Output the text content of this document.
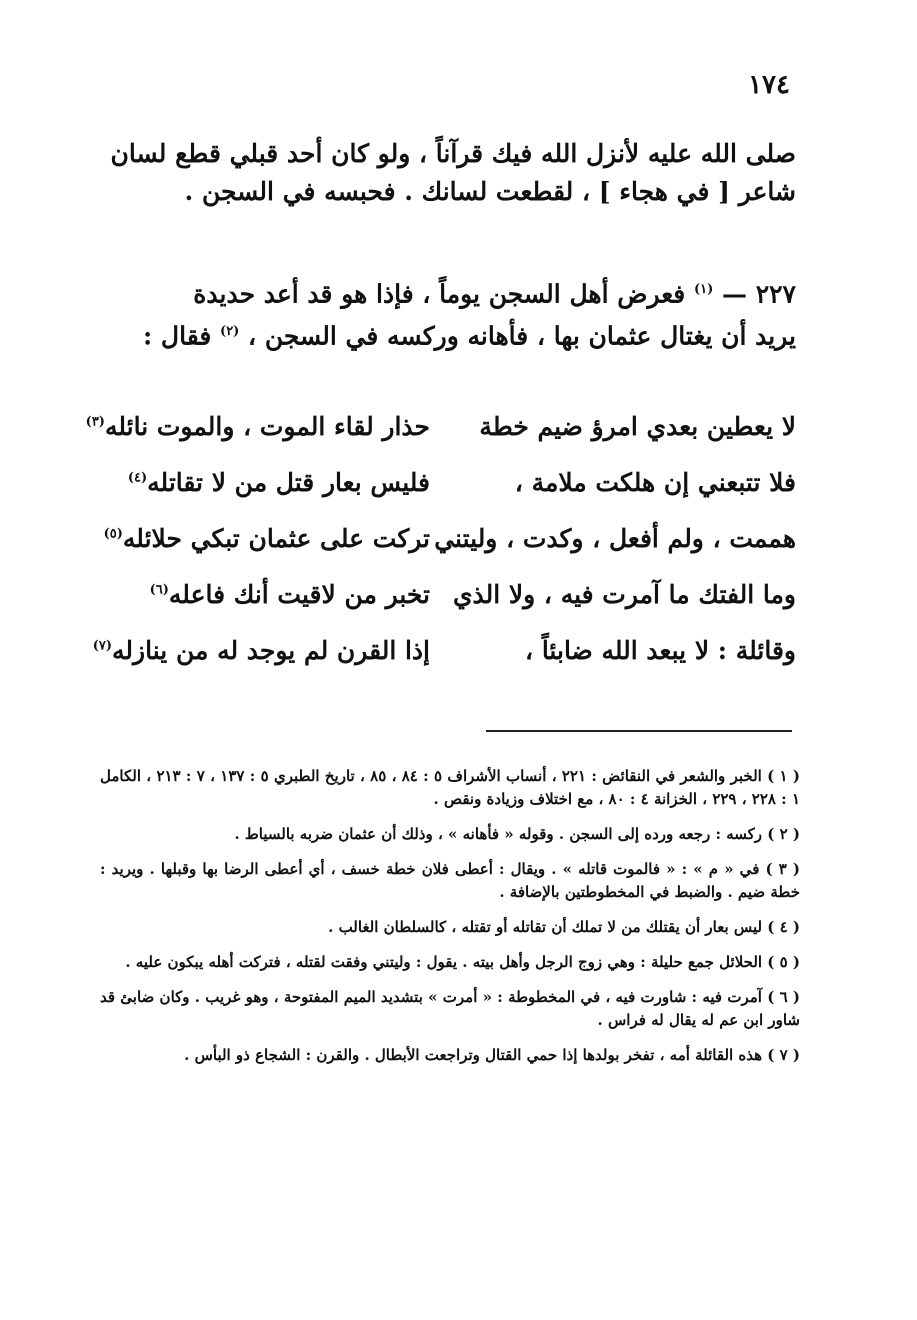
١٧٤

صلى الله عليه لأنزل الله فيك قرآناً ، ولو كان أحد قبلي قطع لسان

شاعر [ في هجاء ] ، لقطعت لسانك . فحبسه في السجن .

٢٢٧ — $^{(١)}$ فعرض أهل السجن يوماً ، فإذا هو قد أعد حديدة

يريد أن يغتال عثمان بها ، فأهانه وركسه في السجن ، $^{(٢)}$ فقال :

لا يعطين بعدي امرؤ ضيم خطة
حذار لقاء الموت ، والموت نائله$^{(٣)}$
فلا تتبعني إن هلكت ملامة ،
فليس بعار قتل من لا تقاتله$^{(٤)}$
هممت ، ولم أفعل ، وكدت ، وليتني
تركت على عثمان تبكي حلائله$^{(٥)}$
وما الفتك ما آمرت فيه ، ولا الذي
تخبر من لاقيت أنك فاعله$^{(٦)}$
وقائلة : لا يبعد الله ضابئاً ،
إذا القرن لم يوجد له من ينازله$^{(٧)}$

( ١ ) الخبر والشعر في النقائض : ٢٢١ ، أنساب الأشراف ٥ : ٨٤ ، ٨٥ ، تاريخ الطبري ٥ : ١٣٧ ، ٧ : ٢١٣ ، الكامل ١ : ٢٢٨ ، ٢٢٩ ، الخزانة ٤ : ٨٠ ، مع اختلاف وزيادة ونقص .

( ٢ ) ركسه : رجعه ورده إلى السجن . وقوله « فأهانه » ، وذلك أن عثمان ضربه بالسياط .

( ٣ ) في « م » : « فالموت قاتله » . ويقال : أعطى فلان خطة خسف ، أي أعطى الرضا بها وقبلها . ويريد : خطة ضيم . والضبط في المخطوطتين بالإضافة .

( ٤ ) ليس بعار أن يقتلك من لا تملك أن تقاتله أو تقتله ، كالسلطان الغالب .

( ٥ ) الحلائل جمع حليلة : وهي زوج الرجل وأهل بيته . يقول : وليتني وفقت لقتله ، فتركت أهله يبكون عليه .

( ٦ ) آمرت فيه : شاورت فيه ، في المخطوطة : « أمرت » بتشديد الميم المفتوحة ، وهو غريب . وكان ضابئ قد شاور ابن عم له يقال له فراس .

( ٧ ) هذه القائلة أمه ، تفخر بولدها إذا حمي القتال وتراجعت الأبطال . والقرن : الشجاع ذو البأس .
